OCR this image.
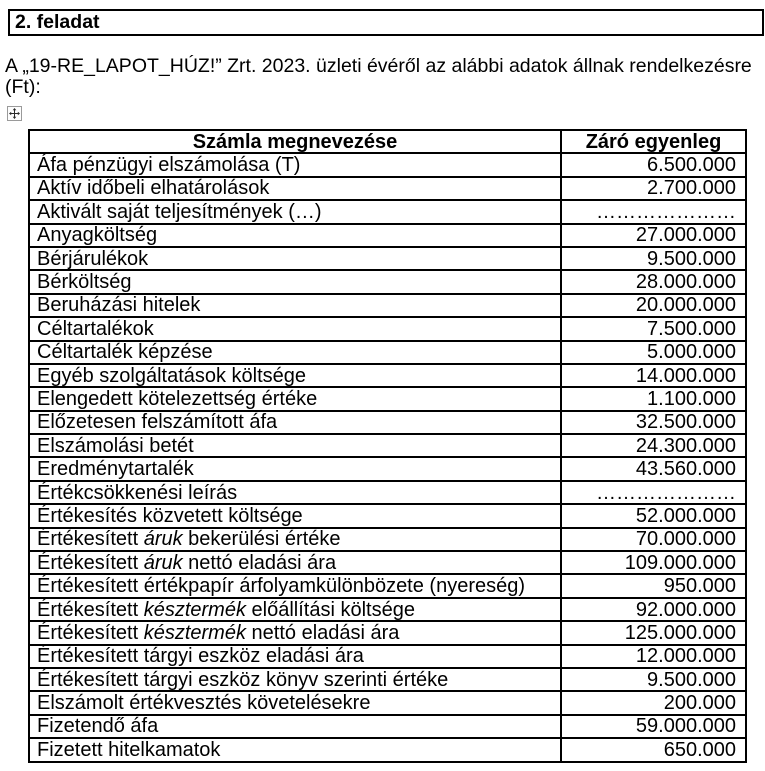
2. feladat
A „19-RE_LAPOT_HÚZ!” Zrt. 2023. üzleti évéről az alábbi adatok állnak rendelkezésre (Ft):
Számla megnevezése	Záró egyenleg
Áfa pénzügyi elszámolása (T)	6.500.000
Aktív időbeli elhatárolások	2.700.000
Aktivált saját teljesítmények (…)	…………………
Anyagköltség	27.000.000
Bérjárulékok	9.500.000
Bérköltség	28.000.000
Beruházási hitelek	20.000.000
Céltartalékok	7.500.000
Céltartalék képzése	5.000.000
Egyéb szolgáltatások költsége	14.000.000
Elengedett kötelezettség értéke	1.100.000
Előzetesen felszámított áfa	32.500.000
Elszámolási betét	24.300.000
Eredménytartalék	43.560.000
Értékcsökkenési leírás	…………………
Értékesítés közvetett költsége	52.000.000
Értékesített áruk bekerülési értéke	70.000.000
Értékesített áruk nettó eladási ára	109.000.000
Értékesített értékpapír árfolyamkülönbözete (nyereség)	950.000
Értékesített késztermék előállítási költsége	92.000.000
Értékesített késztermék nettó eladási ára	125.000.000
Értékesített tárgyi eszköz eladási ára	12.000.000
Értékesített tárgyi eszköz könyv szerinti értéke	9.500.000
Elszámolt értékvesztés követelésekre	200.000
Fizetendő áfa	59.000.000
Fizetett hitelkamatok	650.000
